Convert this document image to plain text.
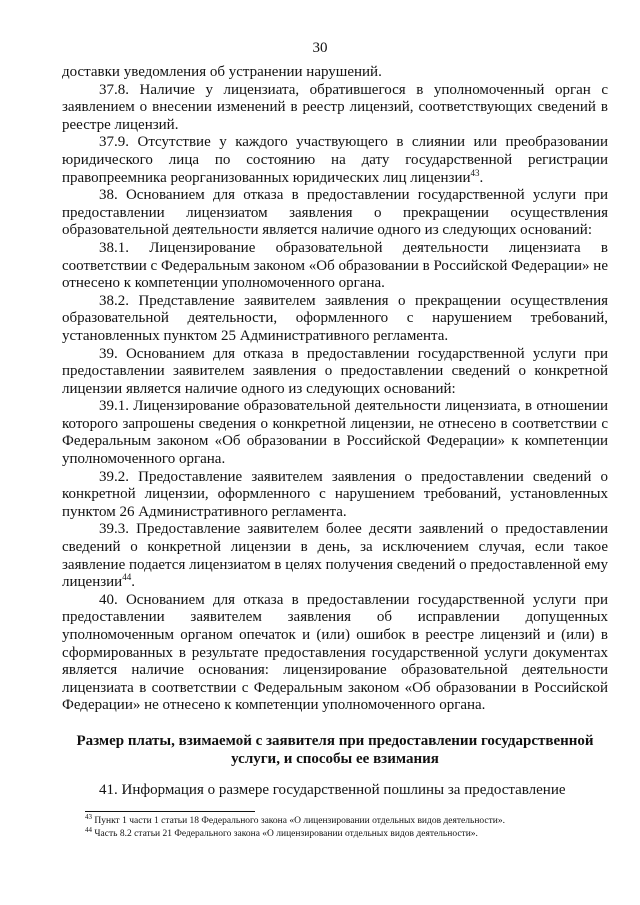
30

доставки уведомления об устранении нарушений.

37.8. Наличие у лицензиата, обратившегося в уполномоченный орган с заявлением о внесении изменений в реестр лицензий, соответствующих сведений в реестре лицензий.

37.9. Отсутствие у каждого участвующего в слиянии или преобразовании юридического лица по состоянию на дату государственной регистрации правопреемника реорганизованных юридических лиц лицензии$^{43}$.

38. Основанием для отказа в предоставлении государственной услуги при предоставлении лицензиатом заявления о прекращении осуществления образовательной деятельности является наличие одного из следующих оснований:

38.1. Лицензирование образовательной деятельности лицензиата в соответствии с Федеральным законом «Об образовании в Российской Федерации» не отнесено к компетенции уполномоченного органа.

38.2. Представление заявителем заявления о прекращении осуществления образовательной деятельности, оформленного с нарушением требований, установленных пунктом 25 Административного регламента.

39. Основанием для отказа в предоставлении государственной услуги при предоставлении заявителем заявления о предоставлении сведений о конкретной лицензии является наличие одного из следующих оснований:

39.1. Лицензирование образовательной деятельности лицензиата, в отношении которого запрошены сведения о конкретной лицензии, не отнесено в соответствии с Федеральным законом «Об образовании в Российской Федерации» к компетенции уполномоченного органа.

39.2. Предоставление заявителем заявления о предоставлении сведений о конкретной лицензии, оформленного с нарушением требований, установленных пунктом 26 Административного регламента.

39.3. Предоставление заявителем более десяти заявлений о предоставлении сведений о конкретной лицензии в день, за исключением случая, если такое заявление подается лицензиатом в целях получения сведений о предоставленной ему лицензии$^{44}$.

40. Основанием для отказа в предоставлении государственной услуги при предоставлении заявителем заявления об исправлении допущенных уполномоченным органом опечаток и (или) ошибок в реестре лицензий и (или) в сформированных в результате предоставления государственной услуги документах является наличие основания: лицензирование образовательной деятельности лицензиата в соответствии с Федеральным законом «Об образовании в Российской Федерации» не отнесено к компетенции уполномоченного органа.

Размер платы, взимаемой с заявителя при предоставлении государственной услуги, и способы ее взимания

41. Информация о размере государственной пошлины за предоставление

$^{43}$ Пункт 1 части 1 статьи 18 Федерального закона «О лицензировании отдельных видов деятельности».

$^{44}$ Часть 8.2 статьи 21 Федерального закона «О лицензировании отдельных видов деятельности».
